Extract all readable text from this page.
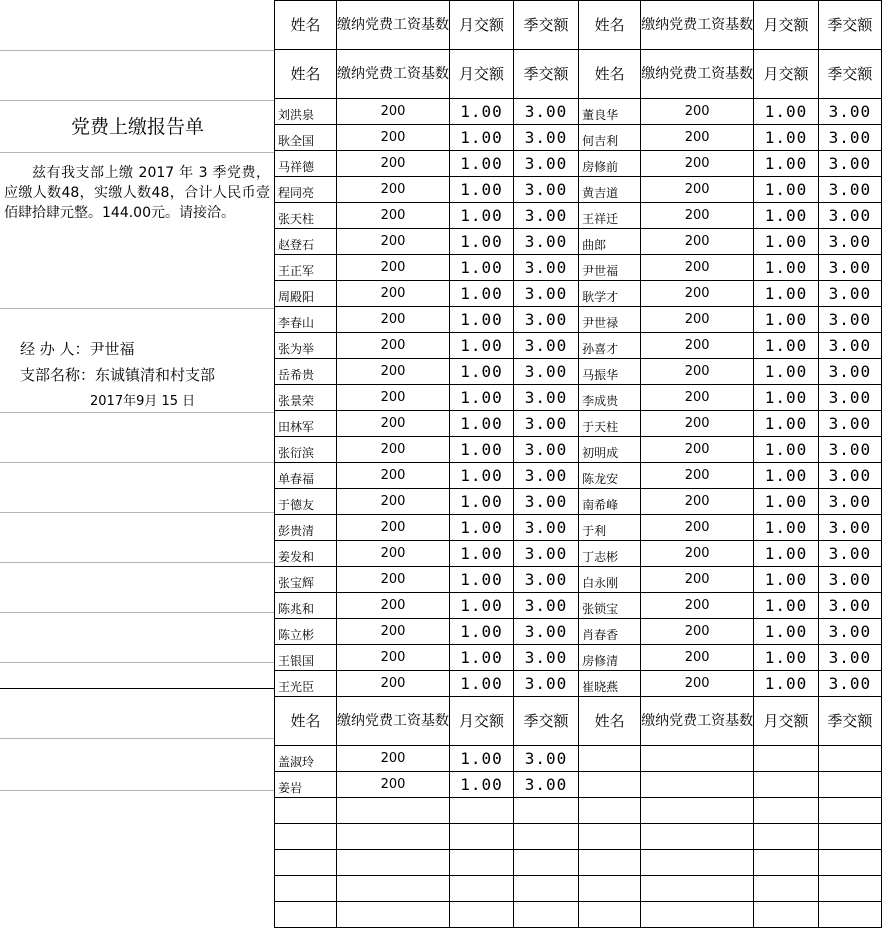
党费上缴报告单
兹有我支部上缴 2017 年 3 季党费，应缴人数48，实缴人数48，合计人民币壹佰肆拾肆元整。144.00元。请接洽。
经 办 人：尹世福
支部名称：东诚镇清和村支部
2017年9月 15 日
姓名	缴纳党费工资基数	月交额	季交额	姓名	缴纳党费工资基数	月交额	季交额
姓名	缴纳党费工资基数	月交额	季交额	姓名	缴纳党费工资基数	月交额	季交额
刘洪泉	200	1.00	3.00	董良华	200	1.00	3.00
耿全国	200	1.00	3.00	何吉利	200	1.00	3.00
马祥德	200	1.00	3.00	房修前	200	1.00	3.00
程同亮	200	1.00	3.00	黄吉道	200	1.00	3.00
张天柱	200	1.00	3.00	王祥迁	200	1.00	3.00
赵登石	200	1.00	3.00	曲郎	200	1.00	3.00
王正军	200	1.00	3.00	尹世福	200	1.00	3.00
周殿阳	200	1.00	3.00	耿学才	200	1.00	3.00
李春山	200	1.00	3.00	尹世禄	200	1.00	3.00
张为举	200	1.00	3.00	孙喜才	200	1.00	3.00
岳希贵	200	1.00	3.00	马振华	200	1.00	3.00
张景荣	200	1.00	3.00	李成贵	200	1.00	3.00
田林军	200	1.00	3.00	于天柱	200	1.00	3.00
张衍滨	200	1.00	3.00	初明成	200	1.00	3.00
单春福	200	1.00	3.00	陈龙安	200	1.00	3.00
于德友	200	1.00	3.00	南希峰	200	1.00	3.00
彭贵清	200	1.00	3.00	于利	200	1.00	3.00
姜发和	200	1.00	3.00	丁志彬	200	1.00	3.00
张宝辉	200	1.00	3.00	白永刚	200	1.00	3.00
陈兆和	200	1.00	3.00	张锁宝	200	1.00	3.00
陈立彬	200	1.00	3.00	肖春香	200	1.00	3.00
王银国	200	1.00	3.00	房修清	200	1.00	3.00
王光臣	200	1.00	3.00	崔晓燕	200	1.00	3.00
姓名	缴纳党费工资基数	月交额	季交额	姓名	缴纳党费工资基数	月交额	季交额
盖淑玲	200	1.00	3.00				
姜岩	200	1.00	3.00				
